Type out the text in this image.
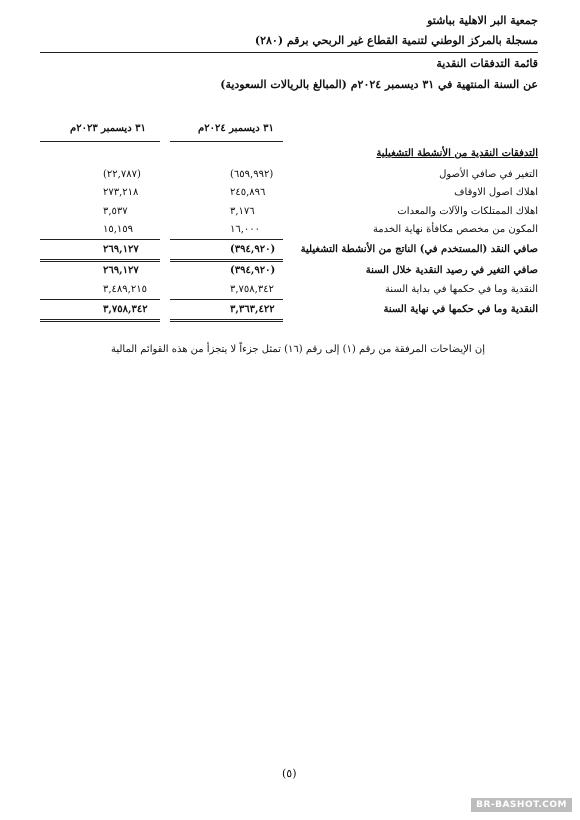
جمعية البر الاهلية بباشتو
مسجلة بالمركز الوطني لتنمية القطاع غير الربحي برقم (٢٨٠)
قائمة التدفقات النقدية
عن السنة المنتهية في ٣١ ديسمبر ٢٠٢٤م (المبالغ بالريالات السعودية)
٣١ ديسمبر ٢٠٢٤م
٣١ ديسمبر ٢٠٢٣م
التدفقات النقدية من الأنشطة التشغيلية
التغير في صافي الأصول
(٦٥٩,٩٩٢)
(٢٢,٧٨٧)
اهلاك اصول الاوقاف
٢٤٥,٨٩٦
٢٧٣,٢١٨
اهلاك الممتلكات والآلات والمعدات
٣,١٧٦
٣,٥٣٧
المكون من مخصص مكافأة نهاية الخدمة
١٦,٠٠٠
١٥,١٥٩
صافي النقد (المستخدم في) الناتج من الأنشطة التشغيلية
(٣٩٤,٩٢٠)
٢٦٩,١٢٧
صافي التغير في رصيد النقدية خلال السنة
(٣٩٤,٩٢٠)
٢٦٩,١٢٧
النقدية وما في حكمها في بداية السنة
٣,٧٥٨,٣٤٢
٣,٤٨٩,٢١٥
النقدية وما في حكمها في نهاية السنة
٣,٣٦٣,٤٢٢
٣,٧٥٨,٣٤٢
إن الإيضاحات المرفقة من رقم (١) إلى رقم (١٦) تمثل جزءاً لا يتجزأ من هذه القوائم المالية
(٥)
BR-BASHOT.COM
